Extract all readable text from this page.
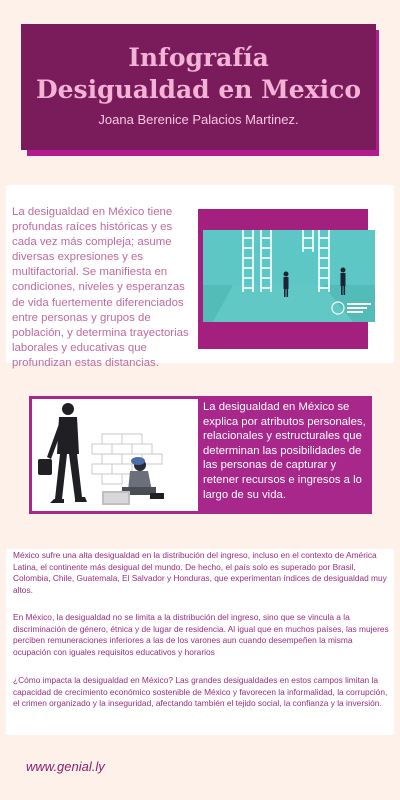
Infografía
Desigualdad en Mexico
Joana Berenice Palacios Martinez.
La desigualdad en México tiene profundas raíces históricas y es cada vez más compleja; asume diversas expresiones y es multifactorial. Se manifiesta en condiciones, niveles y esperanzas de vida fuertemente diferenciados entre personas y grupos de población, y determina trayectorias laborales y educativas que profundizan estas distancias.
La desigualdad en México se explica por atributos personales, relacionales y estructurales que determinan las posibilidades de las personas de capturar y retener recursos e ingresos a lo largo de su vida.
México sufre una alta desigualdad en la distribución del ingreso, incluso en el contexto de América Latina, el continente más desigual del mundo. De hecho, el país solo es superado por Brasil, Colombia, Chile, Guatemala, El Salvador y Honduras, que experimentan índices de desigualdad muy altos.
En México, la desigualdad no se limita a la distribución del ingreso, sino que se vincula a la discriminación de género, étnica y de lugar de residencia. Al igual que en muchos países, las mujeres perciben remuneraciones inferiores a las de los varones aun cuando desempeñen la misma ocupación con iguales requisitos educativos y horarios
¿Cómo impacta la desigualdad en México? Las grandes desigualdades en estos campos limitan la capacidad de crecimiento económico sostenible de México y favorecen la informalidad, la corrupción, el crimen organizado y la inseguridad, afectando también el tejido social, la confianza y la inversión.
www.genial.ly
